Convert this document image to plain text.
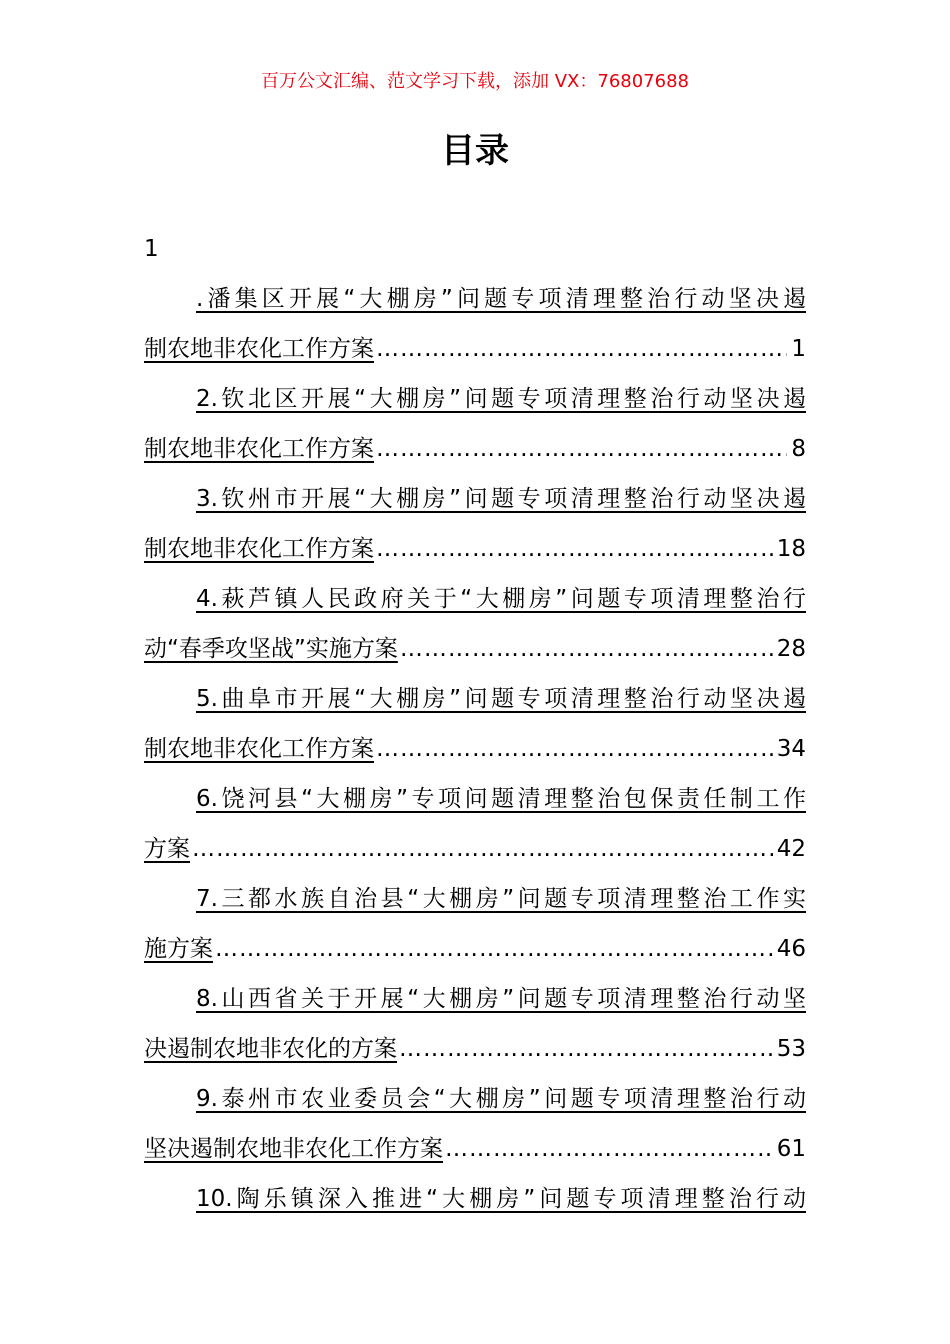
百万公文汇编、范文学习下载，添加 VX：76807688
目录
1
.潘集区开展“大棚房”问题专项清理整治行动坚决遏
制农地非农化工作方案 …………………………………………………………………………………………………………………………	1
2.钦北区开展“大棚房”问题专项清理整治行动坚决遏
制农地非农化工作方案 …………………………………………………………………………………………………………………………	8
3.钦州市开展“大棚房”问题专项清理整治行动坚决遏
制农地非农化工作方案 …………………………………………………………………………………………………………………………	18
4.萩芦镇人民政府关于“大棚房”问题专项清理整治行
动“春季攻坚战”实施方案 …………………………………………………………………………………………………………………………	28
5.曲阜市开展“大棚房”问题专项清理整治行动坚决遏
制农地非农化工作方案 …………………………………………………………………………………………………………………………	34
6.饶河县“大棚房”专项问题清理整治包保责任制工作
方案 …………………………………………………………………………………………………………………………	42
7.三都水族自治县“大棚房”问题专项清理整治工作实
施方案 …………………………………………………………………………………………………………………………	46
8.山西省关于开展“大棚房”问题专项清理整治行动坚
决遏制农地非农化的方案 …………………………………………………………………………………………………………………………	53
9.泰州市农业委员会“大棚房”问题专项清理整治行动
坚决遏制农地非农化工作方案 …………………………………………………………………………………………………………………………	61
10.陶乐镇深入推进“大棚房”问题专项清理整治行动
